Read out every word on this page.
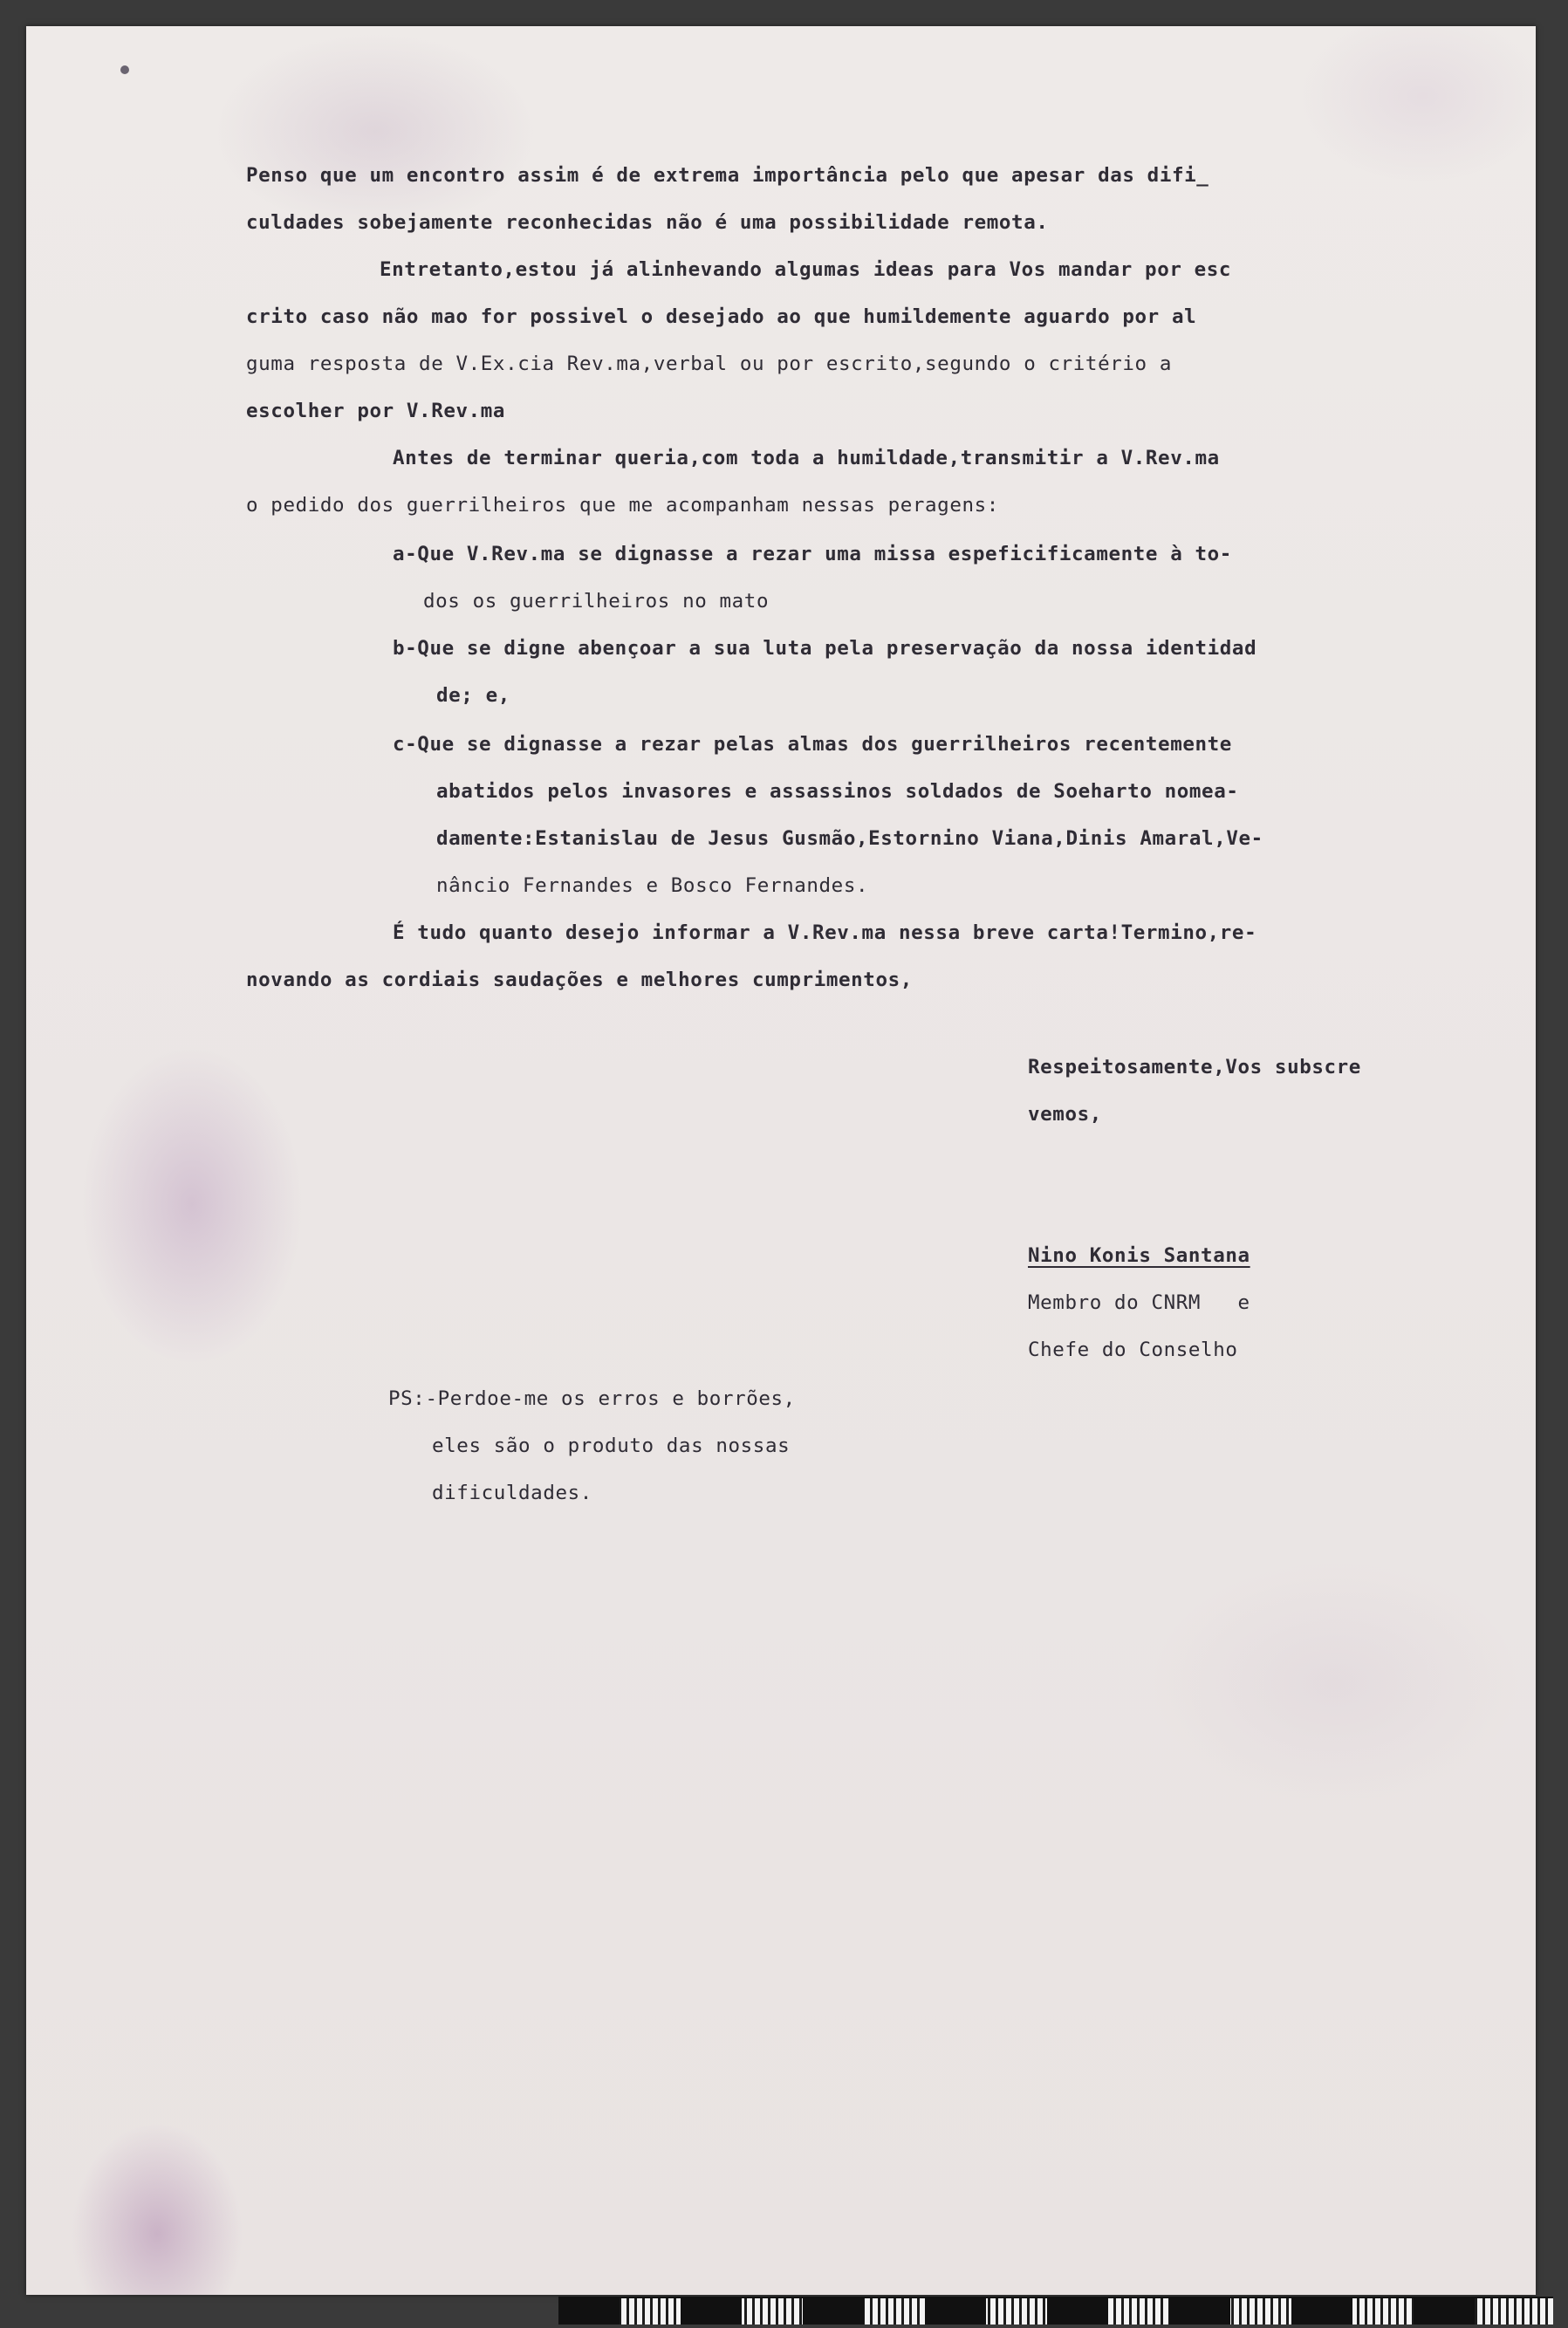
Penso que um encontro assim é de extrema importância pelo que apesar das difi_
culdades sobejamente reconhecidas não é uma possibilidade remota.
Entretanto,estou já alinhevando algumas ideas para Vos mandar por esc
crito caso não mao for possivel o desejado ao que humildemente aguardo por al
guma resposta de V.Ex.cia Rev.ma,verbal ou por escrito,segundo o critério a
escolher por V.Rev.ma
Antes de terminar queria,com toda a humildade,transmitir a V.Rev.ma
o pedido dos guerrilheiros que me acompanham nessas peragens:
a-Que V.Rev.ma se dignasse a rezar uma missa espeficificamente à to-
dos os guerrilheiros no mato
b-Que se digne abençoar a sua luta pela preservação da nossa identidad
de; e,
c-Que se dignasse a rezar pelas almas dos guerrilheiros recentemente
abatidos pelos invasores e assassinos soldados de Soeharto nomea-
damente:Estanislau de Jesus Gusmão,Estornino Viana,Dinis Amaral,Ve-
nâncio Fernandes e Bosco Fernandes.
É tudo quanto desejo informar a V.Rev.ma nessa breve carta!Termino,re-
novando as cordiais saudações e melhores cumprimentos,
Respeitosamente,Vos subscre
vemos,
Nino Konis Santana
Membro do CNRM   e
Chefe do Conselho
PS:-Perdoe-me os erros e borrões,
eles são o produto das nossas
dificuldades.
